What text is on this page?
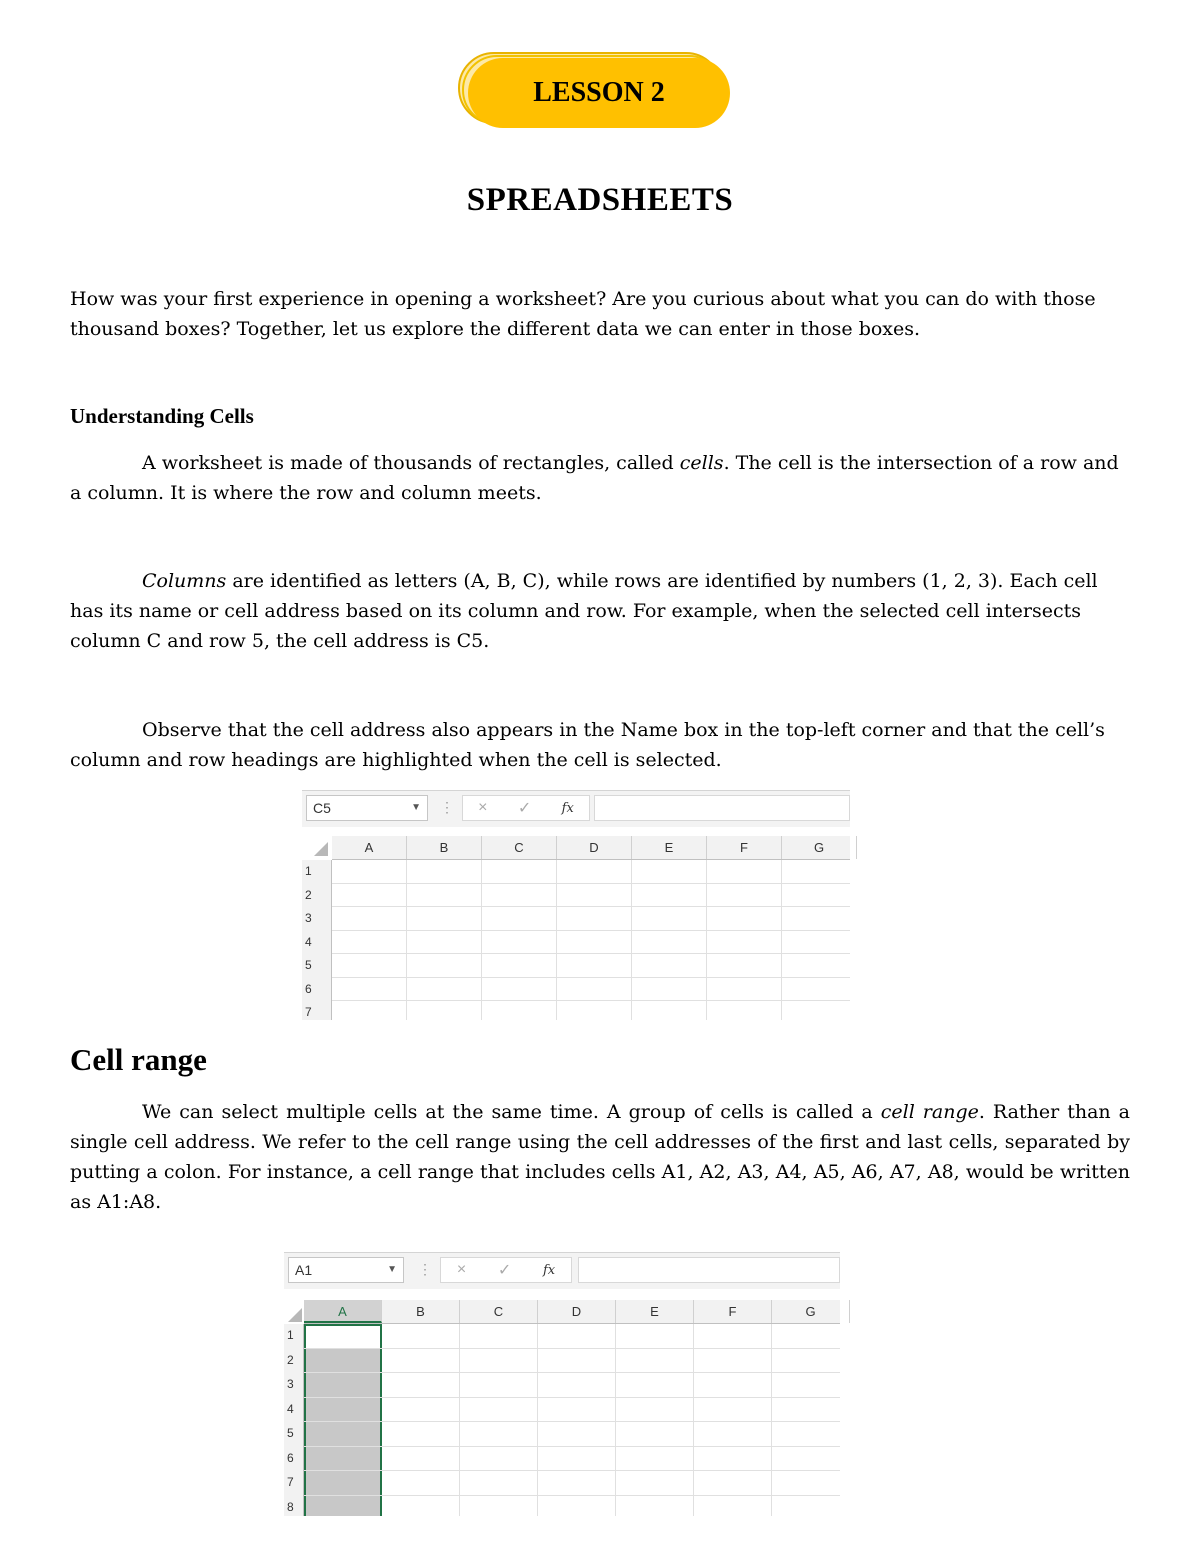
LESSON 2
SPREADSHEETS

How was your first experience in opening a worksheet? Are you curious about what you can do with those thousand boxes? Together, let us explore the different data we can enter in those boxes.

Understanding Cells

A worksheet is made of thousands of rectangles, called cells. The cell is the intersection of a row and a column. It is where the row and column meets.

Columns are identified as letters (A, B, C), while rows are identified by numbers (1, 2, 3). Each cell has its name or cell address based on its column and row. For example, when the selected cell intersects column C and row 5, the cell address is C5.

Observe that the cell address also appears in the Name box in the top-left corner and that the cell’s column and row headings are highlighted when the cell is selected.

C5	▼ ⋮ × ✓ fx
A	B	C	D	E	F	G
1
2
3
4
5
6
7
Cell range

We can select multiple cells at the same time. A group of cells is called a cell range. Rather than a single cell address. We refer to the cell range using the cell addresses of the first and last cells, separated by putting a colon. For instance, a cell range that includes cells A1, A2, A3, A4, A5, A6, A7, A8, would be written as A1:A8.

A1	▼ ⋮ × ✓ fx
A	B	C	D	E	F	G
1
2
3
4
5
6
7
8
